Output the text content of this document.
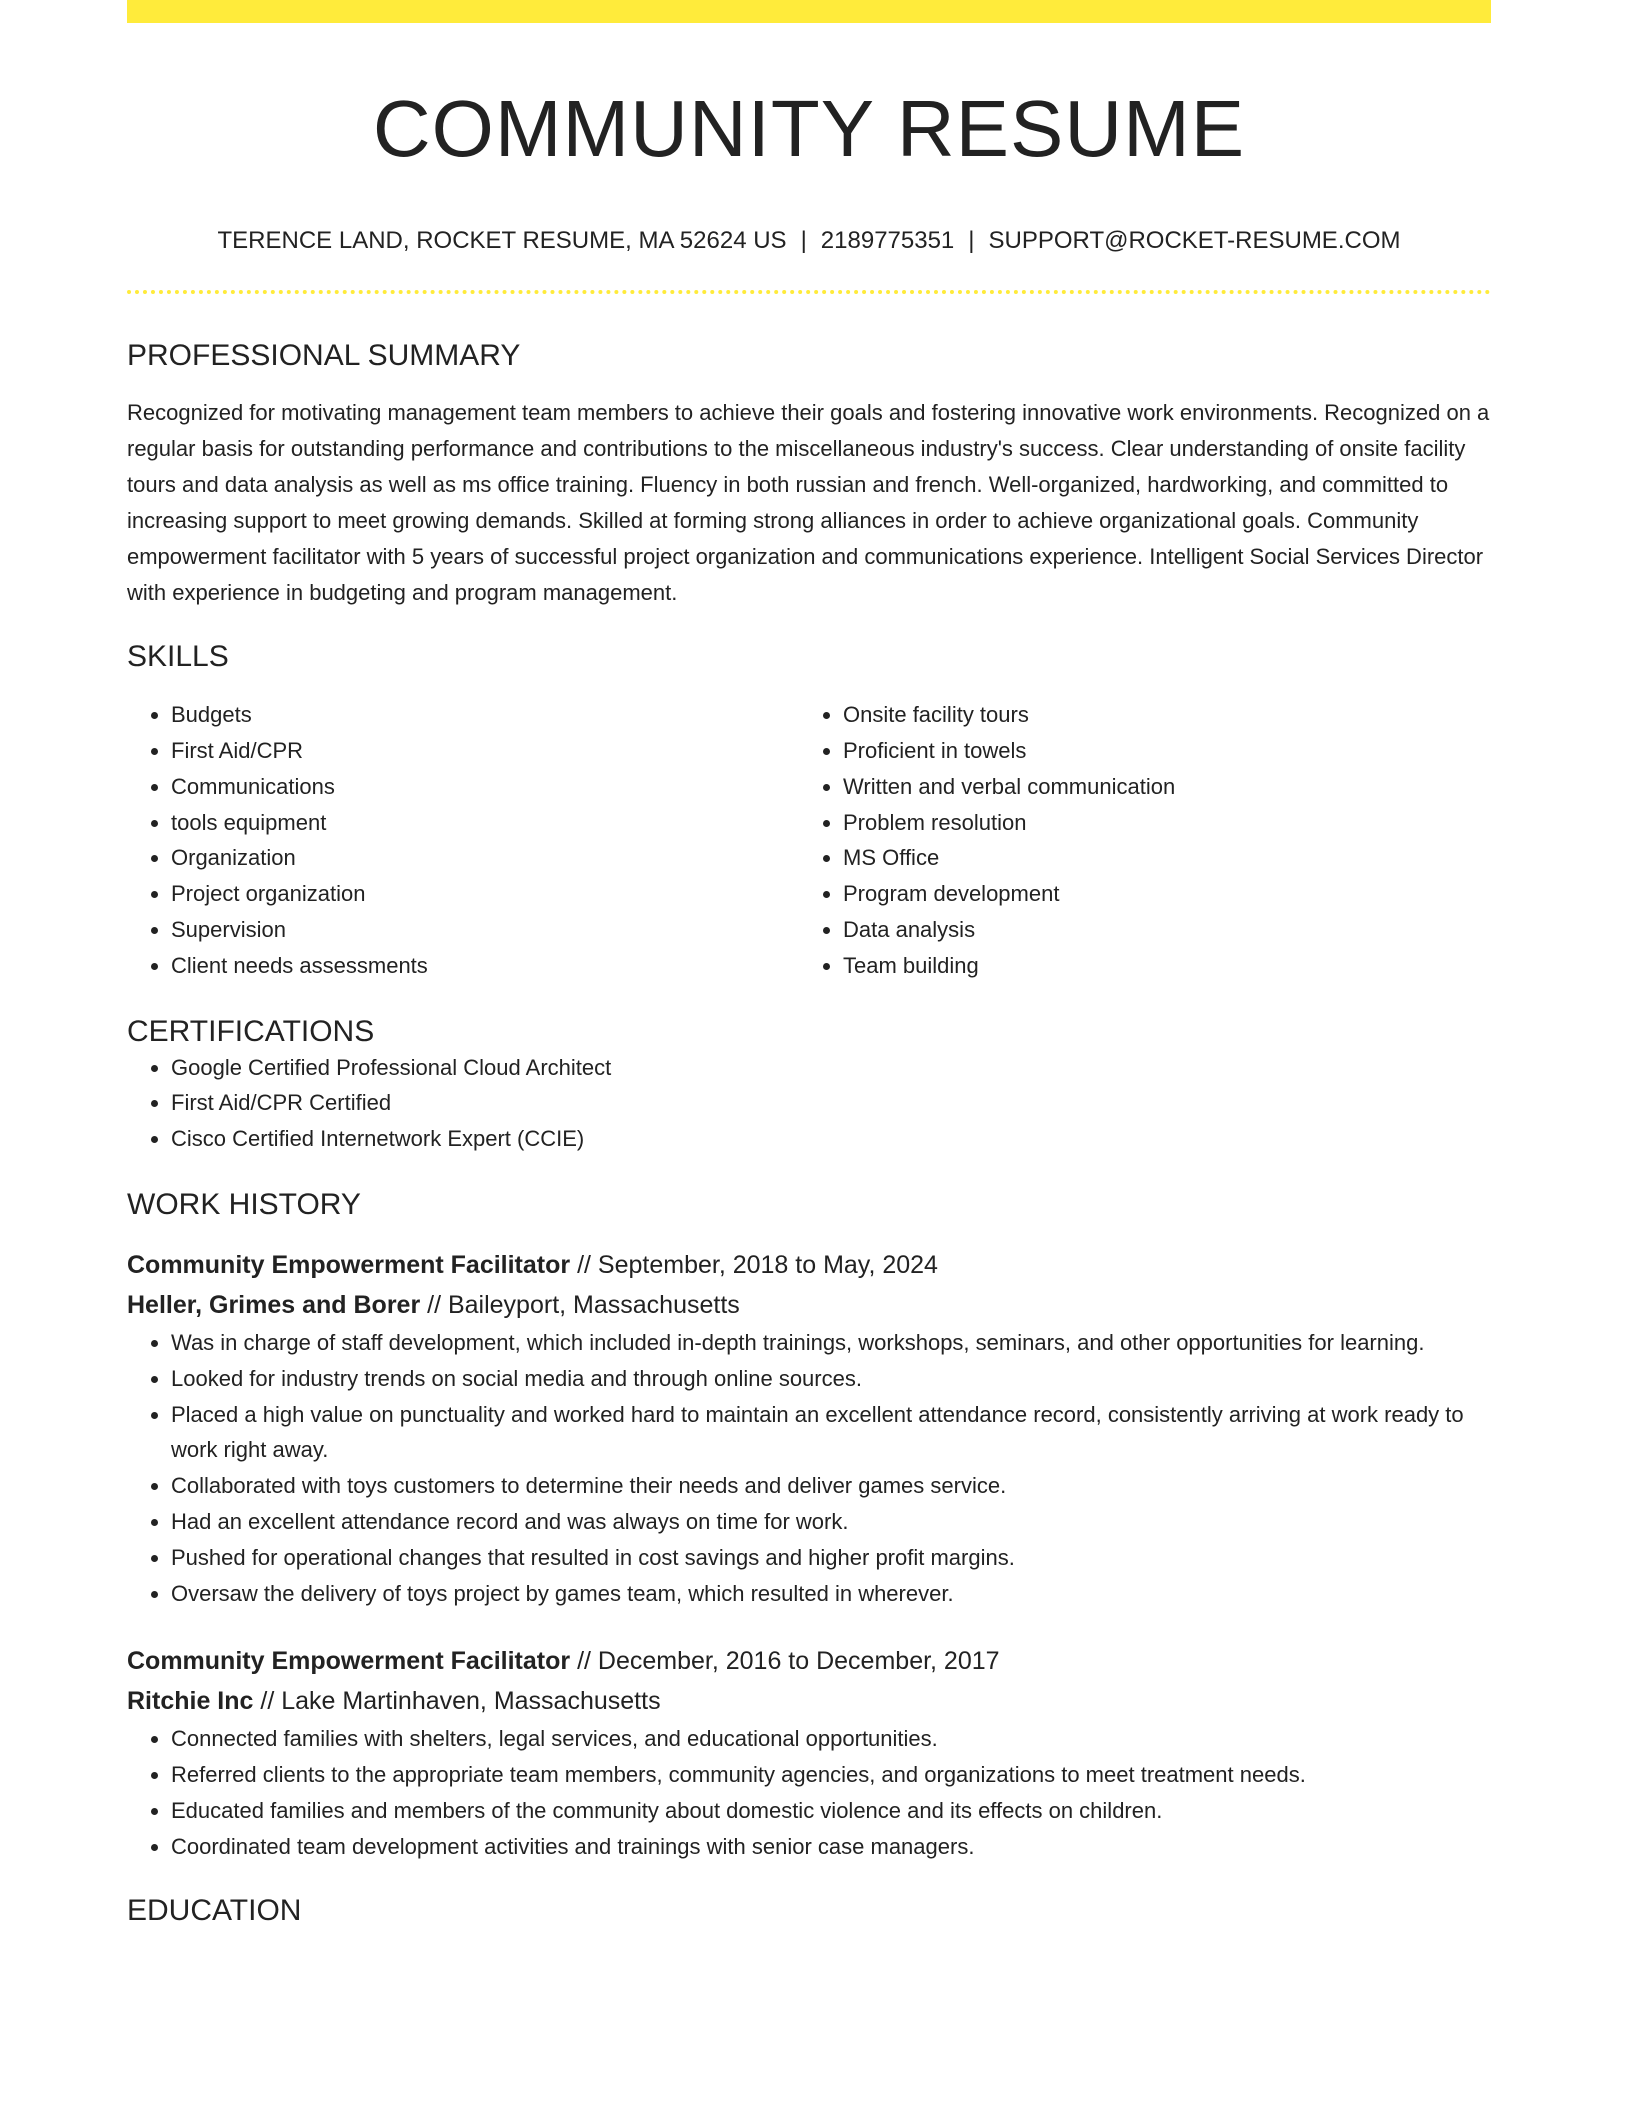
COMMUNITY RESUME
TERENCE LAND, ROCKET RESUME, MA 52624 US | 2189775351 | SUPPORT@ROCKET-RESUME.COM
PROFESSIONAL SUMMARY

Recognized for motivating management team members to achieve their goals and fostering innovative work environments. Recognized on a regular basis for outstanding performance and contributions to the miscellaneous industry's success. Clear understanding of onsite facility tours and data analysis as well as ms office training. Fluency in both russian and french. Well-organized, hardworking, and committed to increasing support to meet growing demands. Skilled at forming strong alliances in order to achieve organizational goals. Community empowerment facilitator with 5 years of successful project organization and communications experience. Intelligent Social Services Director with experience in budgeting and program management.

SKILLS
• Budgets
• First Aid/CPR
• Communications
• tools equipment
• Organization
• Project organization
• Supervision
• Client needs assessments
• Onsite facility tours
• Proficient in towels
• Written and verbal communication
• Problem resolution
• MS Office
• Program development
• Data analysis
• Team building
CERTIFICATIONS
• Google Certified Professional Cloud Architect
• First Aid/CPR Certified
• Cisco Certified Internetwork Expert (CCIE)
WORK HISTORY
Community Empowerment Facilitator // September, 2018 to May, 2024
Heller, Grimes and Borer // Baileyport, Massachusetts
• Was in charge of staff development, which included in-depth trainings, workshops, seminars, and other opportunities for learning.
• Looked for industry trends on social media and through online sources.
• Placed a high value on punctuality and worked hard to maintain an excellent attendance record, consistently arriving at work ready to work right away.
• Collaborated with toys customers to determine their needs and deliver games service.
• Had an excellent attendance record and was always on time for work.
• Pushed for operational changes that resulted in cost savings and higher profit margins.
• Oversaw the delivery of toys project by games team, which resulted in wherever.
Community Empowerment Facilitator // December, 2016 to December, 2017
Ritchie Inc // Lake Martinhaven, Massachusetts
• Connected families with shelters, legal services, and educational opportunities.
• Referred clients to the appropriate team members, community agencies, and organizations to meet treatment needs.
• Educated families and members of the community about domestic violence and its effects on children.
• Coordinated team development activities and trainings with senior case managers.
EDUCATION
